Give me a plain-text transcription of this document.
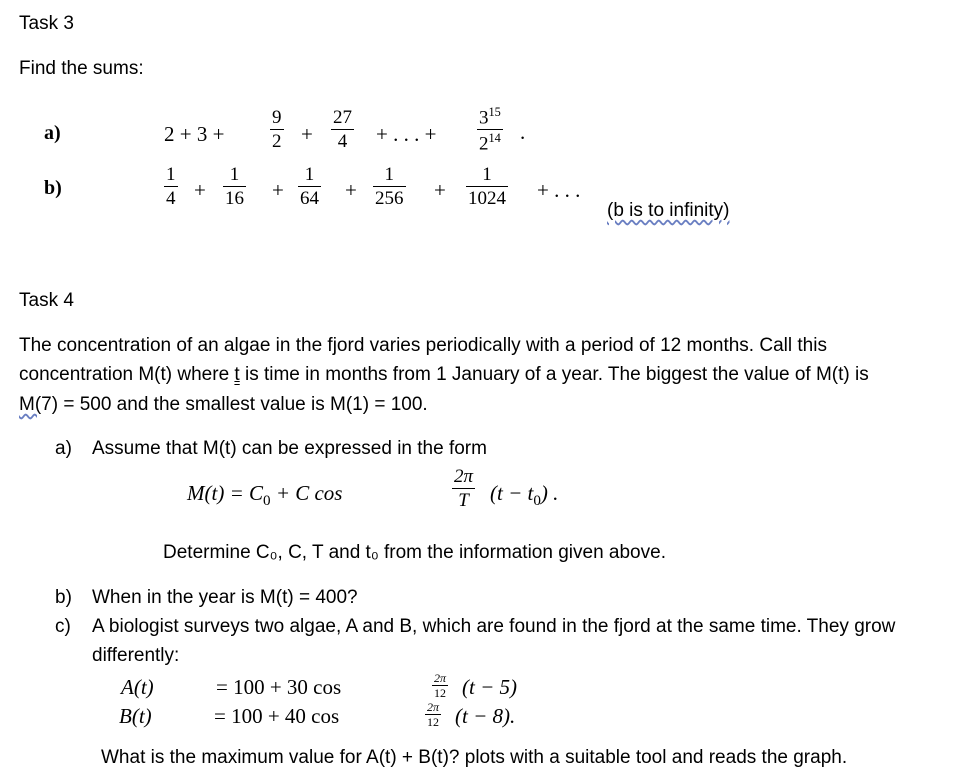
Task 3
Find the sums:
a)	2 + 3 +
9
2 +
27
4	+ . . . +
$3^{15}$
$2^{14}$ .
b)
1
4 +
1
16 +
1
64 +
1
256 +
1
1024 + . . .
(b is to infinity)
Task 4
The concentration of an algae in the fjord varies periodically with a period of 12 months. Call this
concentration M(t) where t is time in months from 1 January of a year. The biggest the value of M(t) is
M(7) = 500 and the smallest value is M(1) = 100.
a) Assume that M(t) can be expressed in the form
$M(t) = C_0 + C$ cos
2π
T $(t - t_0)$ .
Determine C₀, C, T and t₀ from the information given above.
b) When in the year is M(t) = 400?
c) A biologist surveys two algae, A and B, which are found in the fjord at the same time. They grow
differently:
A(t)	= 100 + 30 cos	2π
12 (t − 5)
B(t)	= 100 + 40 cos	2π
12 (t − 8).
What is the maximum value for A(t) + B(t)? plots with a suitable tool and reads the graph.
